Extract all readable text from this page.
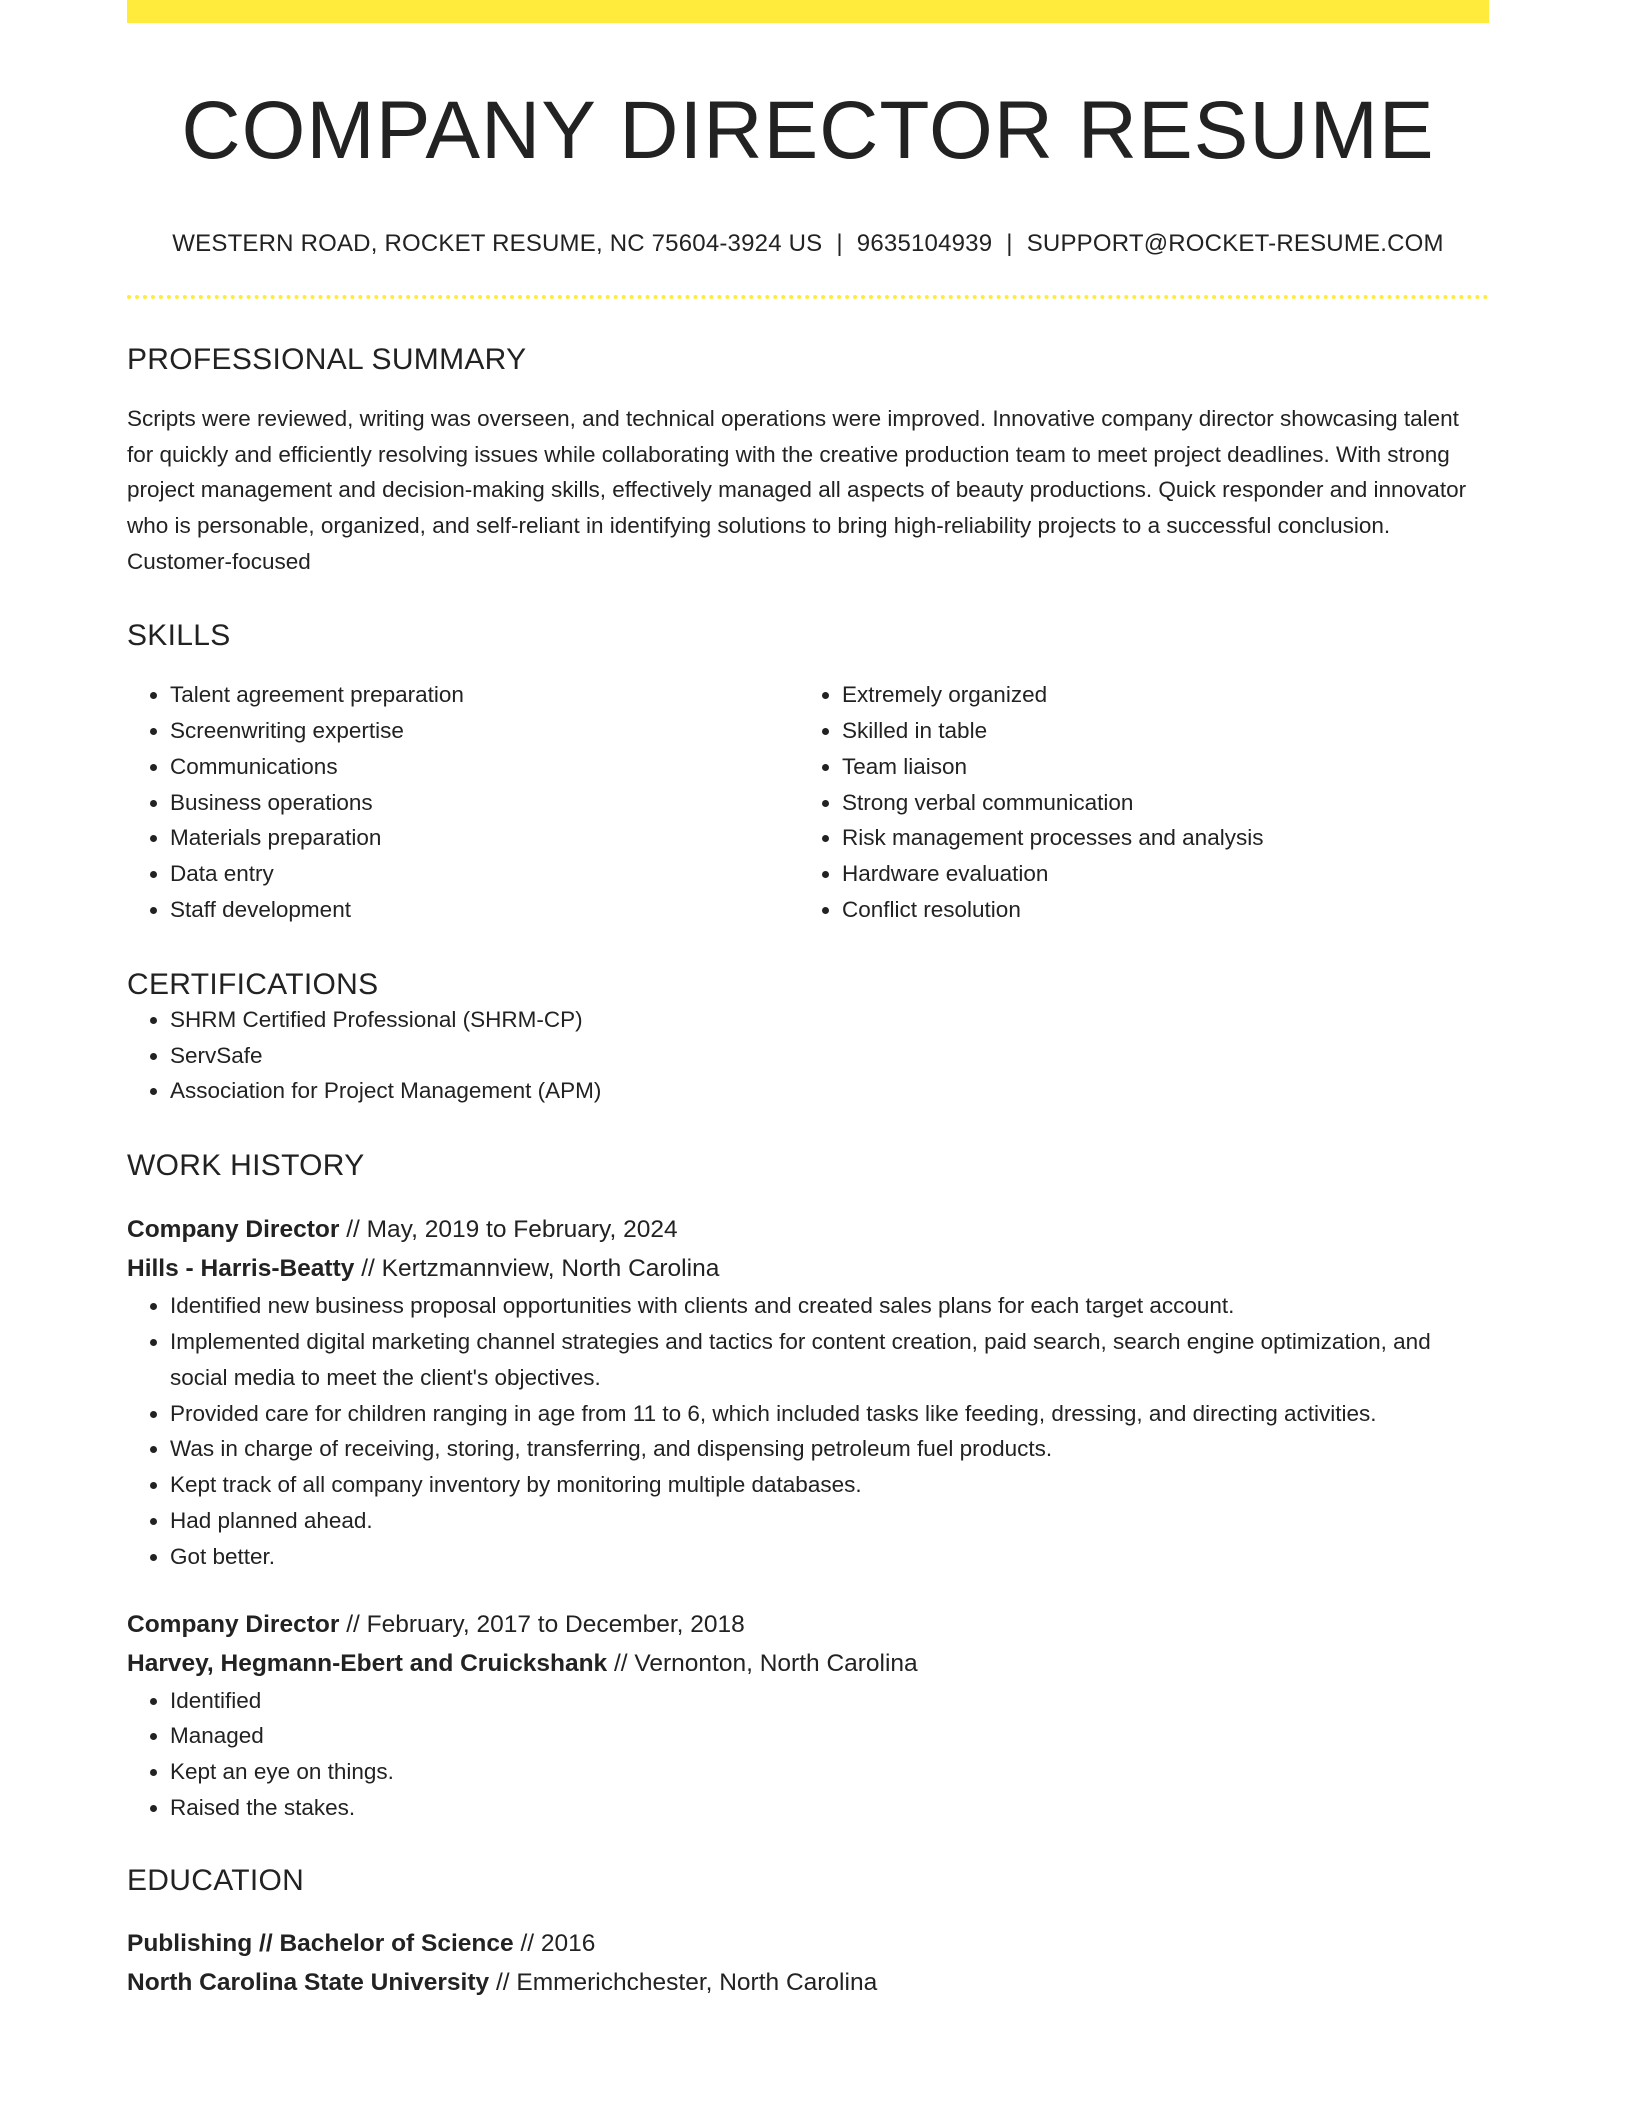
COMPANY DIRECTOR RESUME
WESTERN ROAD, ROCKET RESUME, NC 75604-3924 US | 9635104939 | SUPPORT@ROCKET-RESUME.COM
PROFESSIONAL SUMMARY

Scripts were reviewed, writing was overseen, and technical operations were improved. Innovative company director showcasing talent for quickly and efficiently resolving issues while collaborating with the creative production team to meet project deadlines. With strong project management and decision-making skills, effectively managed all aspects of beauty productions. Quick responder and innovator who is personable, organized, and self-reliant in identifying solutions to bring high-reliability projects to a successful conclusion. Customer-focused

SKILLS
• Talent agreement preparation
• Screenwriting expertise
• Communications
• Business operations
• Materials preparation
• Data entry
• Staff development
• Extremely organized
• Skilled in table
• Team liaison
• Strong verbal communication
• Risk management processes and analysis
• Hardware evaluation
• Conflict resolution
CERTIFICATIONS
• SHRM Certified Professional (SHRM-CP)
• ServSafe
• Association for Project Management (APM)
WORK HISTORY
Company Director // May, 2019 to February, 2024
Hills - Harris-Beatty // Kertzmannview, North Carolina
• Identified new business proposal opportunities with clients and created sales plans for each target account.
• Implemented digital marketing channel strategies and tactics for content creation, paid search, search engine optimization, and social media to meet the client's objectives.
• Provided care for children ranging in age from 11 to 6, which included tasks like feeding, dressing, and directing activities.
• Was in charge of receiving, storing, transferring, and dispensing petroleum fuel products.
• Kept track of all company inventory by monitoring multiple databases.
• Had planned ahead.
• Got better.
Company Director // February, 2017 to December, 2018
Harvey, Hegmann-Ebert and Cruickshank // Vernonton, North Carolina
• Identified
• Managed
• Kept an eye on things.
• Raised the stakes.
EDUCATION
Publishing // Bachelor of Science // 2016
North Carolina State University // Emmerichchester, North Carolina
